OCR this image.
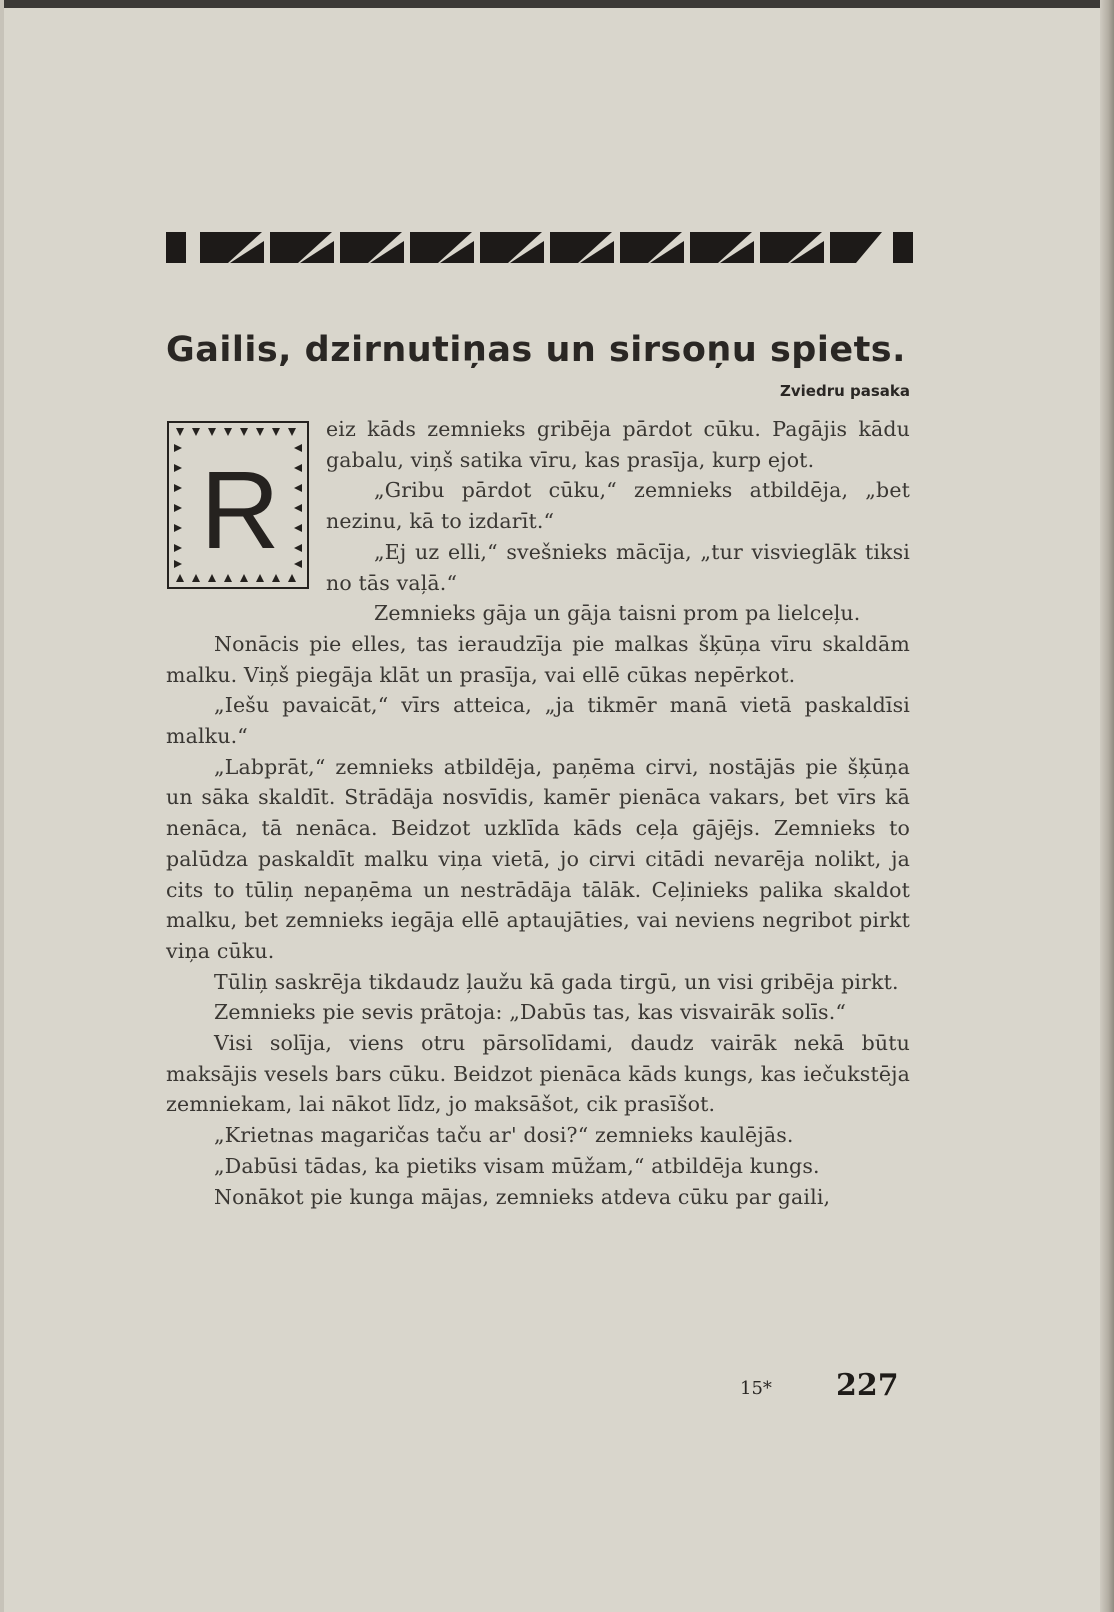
Gailis, dzirnutiņas un sirsoņu spiets.
Zviedru pasaka
R

eiz kāds zemnieks gribēja pārdot cūku. Pagājis kādu gabalu, viņš satika vīru, kas prasīja, kurp ejot.

„Gribu pārdot cūku,“ zemnieks atbildēja, „bet nezinu, kā to izdarīt.“

„Ej uz elli,“ svešnieks mācīja, „tur visvieglāk tiksi no tās vaļā.“

Zemnieks gāja un gāja taisni prom pa lielceļu.

Nonācis pie elles, tas ieraudzīja pie malkas šķūņa vīru skaldām malku. Viņš piegāja klāt un prasīja, vai ellē cūkas nepērkot.

„Iešu pavaicāt,“ vīrs atteica, „ja tikmēr manā vietā paskaldīsi malku.“

„Labprāt,“ zemnieks atbildēja, paņēma cirvi, nostājās pie šķūņa un sāka skaldīt. Strādāja nosvīdis, kamēr pienāca vakars, bet vīrs kā nenāca, tā nenāca. Beidzot uzklīda kāds ceļa gājējs. Zemnieks to palūdza paskaldīt malku viņa vietā, jo cirvi citādi nevarēja nolikt, ja cits to tūliņ nepaņēma un nestrādāja tālāk. Ceļinieks palika skaldot malku, bet zemnieks iegāja ellē aptaujāties, vai neviens negribot pirkt viņa cūku.

Tūliņ saskrēja tikdaudz ļaužu kā gada tirgū, un visi gribēja pirkt.

Zemnieks pie sevis prātoja: „Dabūs tas, kas visvairāk solīs.“

Visi solīja, viens otru pārsolīdami, daudz vairāk nekā būtu maksājis vesels bars cūku. Beidzot pienāca kāds kungs, kas iečukstēja zemniekam, lai nākot līdz, jo maksāšot, cik prasīšot.

„Krietnas magaričas taču ar' dosi?“ zemnieks kaulējās.

„Dabūsi tādas, ka pietiks visam mūžam,“ atbildēja kungs.

Nonākot pie kunga mājas, zemnieks atdeva cūku par gaili,

15* 227
